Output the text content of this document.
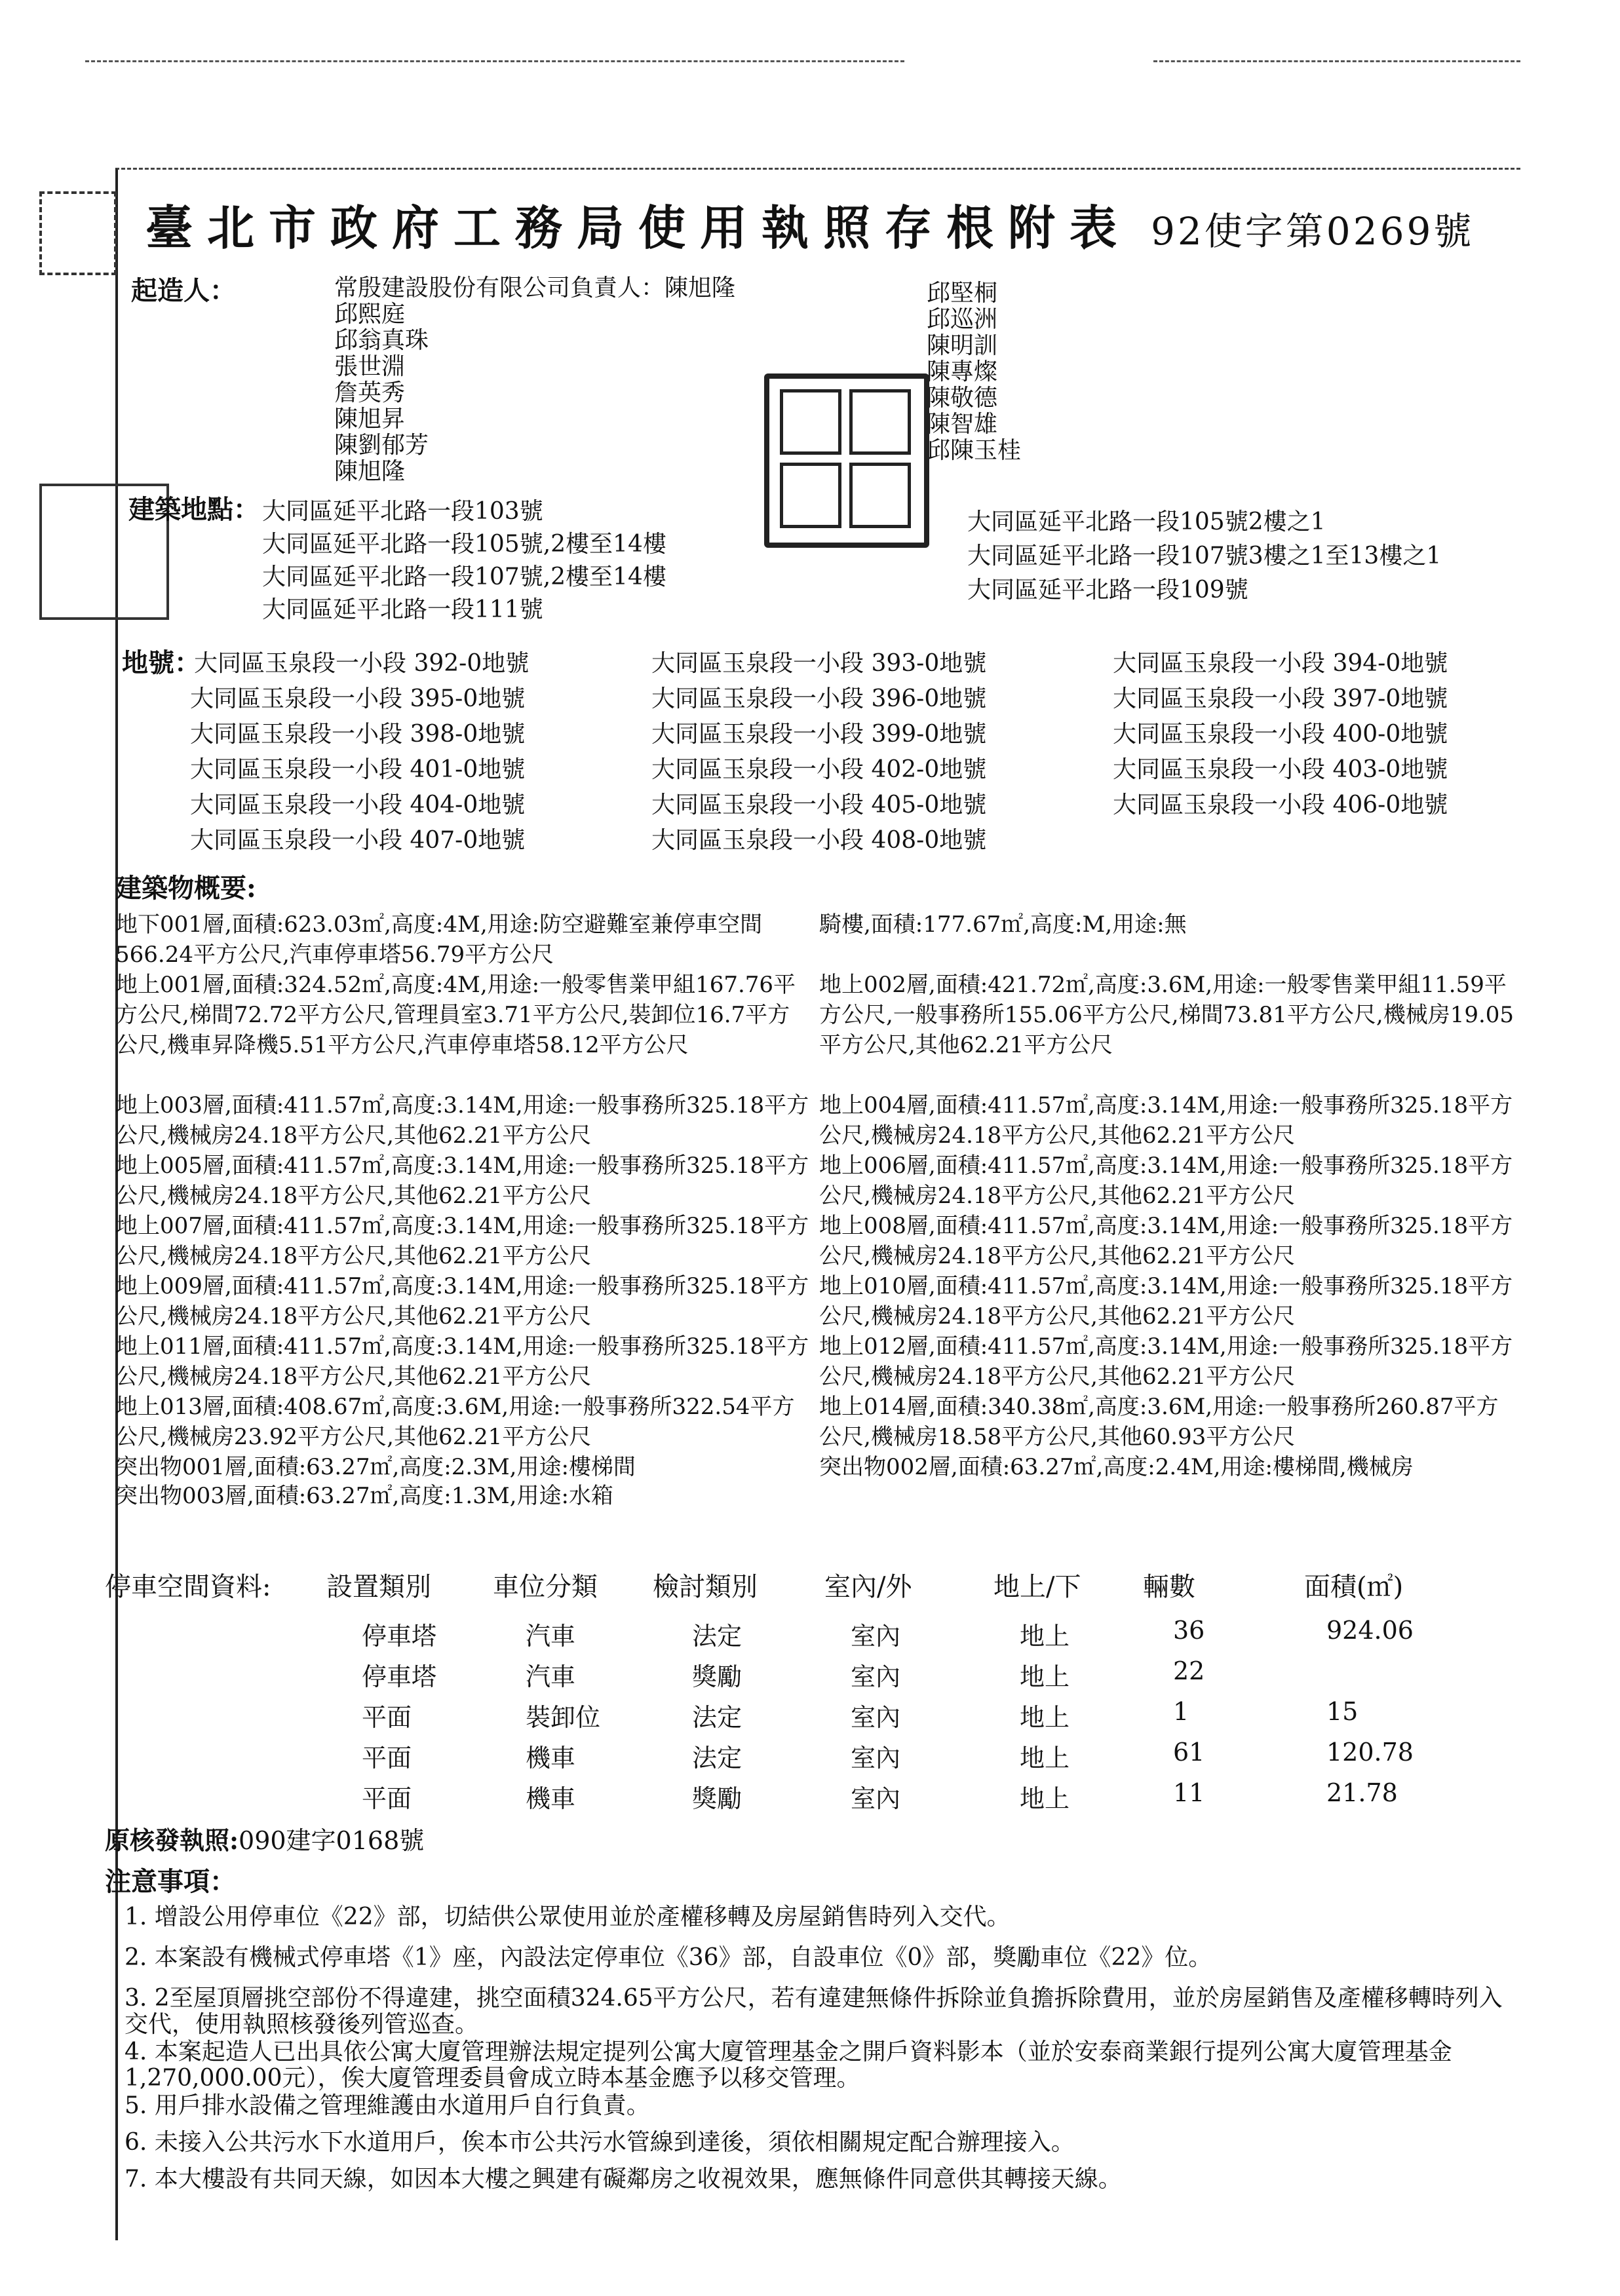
臺北市政府工務局使用執照存根附表 92使字第0269號
起造人：	常殷建設股份有限公司負責人：陳旭隆
邱熙庭
邱翁真珠
張世淵
詹英秀
陳旭昇
陳劉郁芳
陳旭隆
邱堅桐
邱巡洲
陳明訓
陳專燦
陳敬德
陳智雄
邱陳玉桂
建築地點： 大同區延平北路一段103號
大同區延平北路一段105號,2樓至14樓
大同區延平北路一段107號,2樓至14樓
大同區延平北路一段111號
大同區延平北路一段105號2樓之1
大同區延平北路一段107號3樓之1至13樓之1
大同區延平北路一段109號
地號：
大同區玉泉段一小段 392-0地號	大同區玉泉段一小段 393-0地號	大同區玉泉段一小段 394-0地號
大同區玉泉段一小段 395-0地號	大同區玉泉段一小段 396-0地號	大同區玉泉段一小段 397-0地號
大同區玉泉段一小段 398-0地號	大同區玉泉段一小段 399-0地號	大同區玉泉段一小段 400-0地號
大同區玉泉段一小段 401-0地號	大同區玉泉段一小段 402-0地號	大同區玉泉段一小段 403-0地號
大同區玉泉段一小段 404-0地號	大同區玉泉段一小段 405-0地號	大同區玉泉段一小段 406-0地號
大同區玉泉段一小段 407-0地號	大同區玉泉段一小段 408-0地號
建築物概要:
地下001層,面積:623.03㎡,高度:4M,用途:防空避難室兼停車空間566.24平方公尺,汽車停車塔56.79平方公尺
騎樓,面積:177.67㎡,高度:M,用途:無
地上001層,面積:324.52㎡,高度:4M,用途:一般零售業甲組167.76平方公尺,梯間72.72平方公尺,管理員室3.71平方公尺,裝卸位16.7平方公尺,機車昇降機5.51平方公尺,汽車停車塔58.12平方公尺
地上002層,面積:421.72㎡,高度:3.6M,用途:一般零售業甲組11.59平方公尺,一般事務所155.06平方公尺,梯間73.81平方公尺,機械房19.05平方公尺,其他62.21平方公尺
地上003層,面積:411.57㎡,高度:3.14M,用途:一般事務所325.18平方公尺,機械房24.18平方公尺,其他62.21平方公尺
地上004層,面積:411.57㎡,高度:3.14M,用途:一般事務所325.18平方公尺,機械房24.18平方公尺,其他62.21平方公尺
地上005層,面積:411.57㎡,高度:3.14M,用途:一般事務所325.18平方公尺,機械房24.18平方公尺,其他62.21平方公尺
地上006層,面積:411.57㎡,高度:3.14M,用途:一般事務所325.18平方公尺,機械房24.18平方公尺,其他62.21平方公尺
地上007層,面積:411.57㎡,高度:3.14M,用途:一般事務所325.18平方公尺,機械房24.18平方公尺,其他62.21平方公尺
地上008層,面積:411.57㎡,高度:3.14M,用途:一般事務所325.18平方公尺,機械房24.18平方公尺,其他62.21平方公尺
地上009層,面積:411.57㎡,高度:3.14M,用途:一般事務所325.18平方公尺,機械房24.18平方公尺,其他62.21平方公尺
地上010層,面積:411.57㎡,高度:3.14M,用途:一般事務所325.18平方公尺,機械房24.18平方公尺,其他62.21平方公尺
地上011層,面積:411.57㎡,高度:3.14M,用途:一般事務所325.18平方公尺,機械房24.18平方公尺,其他62.21平方公尺
地上012層,面積:411.57㎡,高度:3.14M,用途:一般事務所325.18平方公尺,機械房24.18平方公尺,其他62.21平方公尺
地上013層,面積:408.67㎡,高度:3.6M,用途:一般事務所322.54平方公尺,機械房23.92平方公尺,其他62.21平方公尺
地上014層,面積:340.38㎡,高度:3.6M,用途:一般事務所260.87平方公尺,機械房18.58平方公尺,其他60.93平方公尺
突出物001層,面積:63.27㎡,高度:2.3M,用途:樓梯間	突出物002層,面積:63.27㎡,高度:2.4M,用途:樓梯間,機械房
突出物003層,面積:63.27㎡,高度:1.3M,用途:水箱
停車空間資料: 設置類別 車位分類 檢討類別	室內/外	地上/下 輛數	面積(㎡)
停車塔	汽車	法定	室內	地上	36	924.06
停車塔	汽車	獎勵	室內	地上	22
平面	裝卸位	法定	室內	地上	1	15
平面	機車	法定	室內	地上	61	120.78
平面	機車	獎勵	室內	地上	11	21.78
原核發執照:090建字0168號
注意事項：
1. 增設公用停車位《22》部，切結供公眾使用並於產權移轉及房屋銷售時列入交代。
2. 本案設有機械式停車塔《1》座，內設法定停車位《36》部，自設車位《0》部，獎勵車位《22》位。
3. 2至屋頂層挑空部份不得違建，挑空面積324.65平方公尺，若有違建無條件拆除並負擔拆除費用，並於房屋銷售及產權移轉時列入交代，使用執照核發後列管巡查。
4. 本案起造人已出具依公寓大廈管理辦法規定提列公寓大廈管理基金之開戶資料影本（並於安泰商業銀行提列公寓大廈管理基金1,270,000.00元），俟大廈管理委員會成立時本基金應予以移交管理。
5. 用戶排水設備之管理維護由水道用戶自行負責。
6. 未接入公共污水下水道用戶，俟本市公共污水管線到達後，須依相關規定配合辦理接入。
7. 本大樓設有共同天線，如因本大樓之興建有礙鄰房之收視效果，應無條件同意供其轉接天線。
